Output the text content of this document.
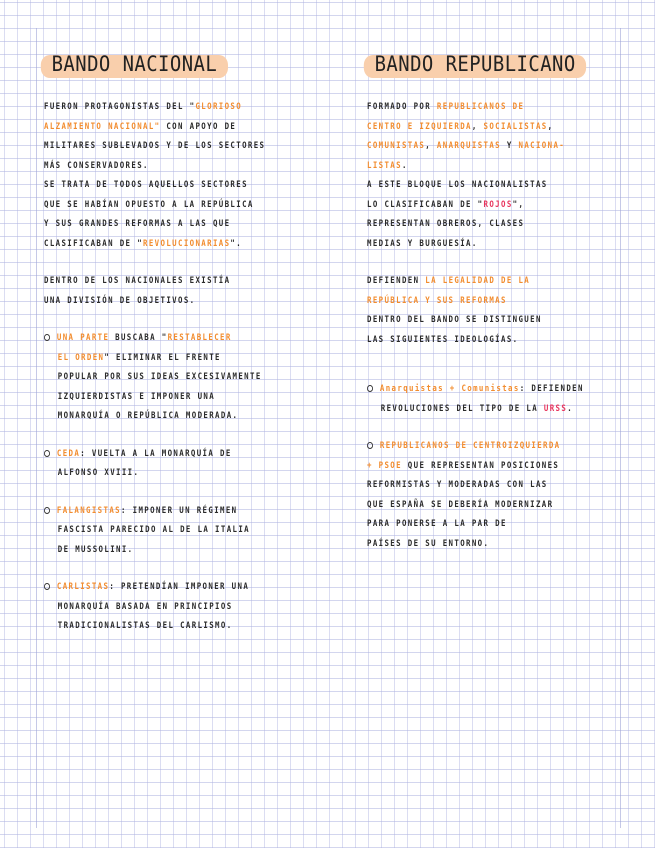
BANDO NACIONAL
FUERON PROTAGONISTAS DEL "GLORIOSO
ALZAMIENTO NACIONAL" CON APOYO DE
MILITARES SUBLEVADOS Y DE LOS SECTORES
MÁS CONSERVADORES.
SE TRATA DE TODOS AQUELLOS SECTORES
QUE SE HABÍAN OPUESTO A LA REPÚBLICA
Y SUS GRANDES REFORMAS A LAS QUE
CLASIFICABAN DE "REVOLUCIONARIAS".
DENTRO DE LOS NACIONALES EXISTÍA
UNA DIVISIÓN DE OBJETIVOS.
UNA PARTE BUSCABA "RESTABLECER
EL ORDEN" ELIMINAR EL FRENTE
POPULAR POR SUS IDEAS EXCESIVAMENTE
IZQUIERDISTAS E IMPONER UNA
MONARQUÍA O REPÚBLICA MODERADA.
CEDA: VUELTA A LA MONARQUÍA DE
ALFONSO XVIII.
FALANGISTAS: IMPONER UN RÉGIMEN
FASCISTA PARECIDO AL DE LA ITALIA
DE MUSSOLINI.
CARLISTAS: PRETENDÍAN IMPONER UNA
MONARQUÍA BASADA EN PRINCIPIOS
TRADICIONALISTAS DEL CARLISMO.
BANDO REPUBLICANO
FORMADO POR REPUBLICANOS DE
CENTRO E IZQUIERDA, SOCIALISTAS,
COMUNISTAS, ANARQUISTAS Y NACIONA-
LISTAS.
A ESTE BLOQUE LOS NACIONALISTAS
LO CLASIFICABAN DE "ROJOS",
REPRESENTAN OBREROS, CLASES
MEDIAS Y BURGUESÍA.
DEFIENDEN LA LEGALIDAD DE LA
REPÚBLICA Y SUS REFORMAS
DENTRO DEL BANDO SE DISTINGUEN
LAS SIGUIENTES IDEOLOGÍAS.
Anarquistas + Comunistas: DEFIENDEN
REVOLUCIONES DEL TIPO DE LA URSS.
REPUBLICANOS DE CENTROIZQUIERDA
+ PSOE QUE REPRESENTAN POSICIONES
REFORMISTAS Y MODERADAS CON LAS
QUE ESPAÑA SE DEBERÍA MODERNIZAR
PARA PONERSE A LA PAR DE
PAÍSES DE SU ENTORNO.
